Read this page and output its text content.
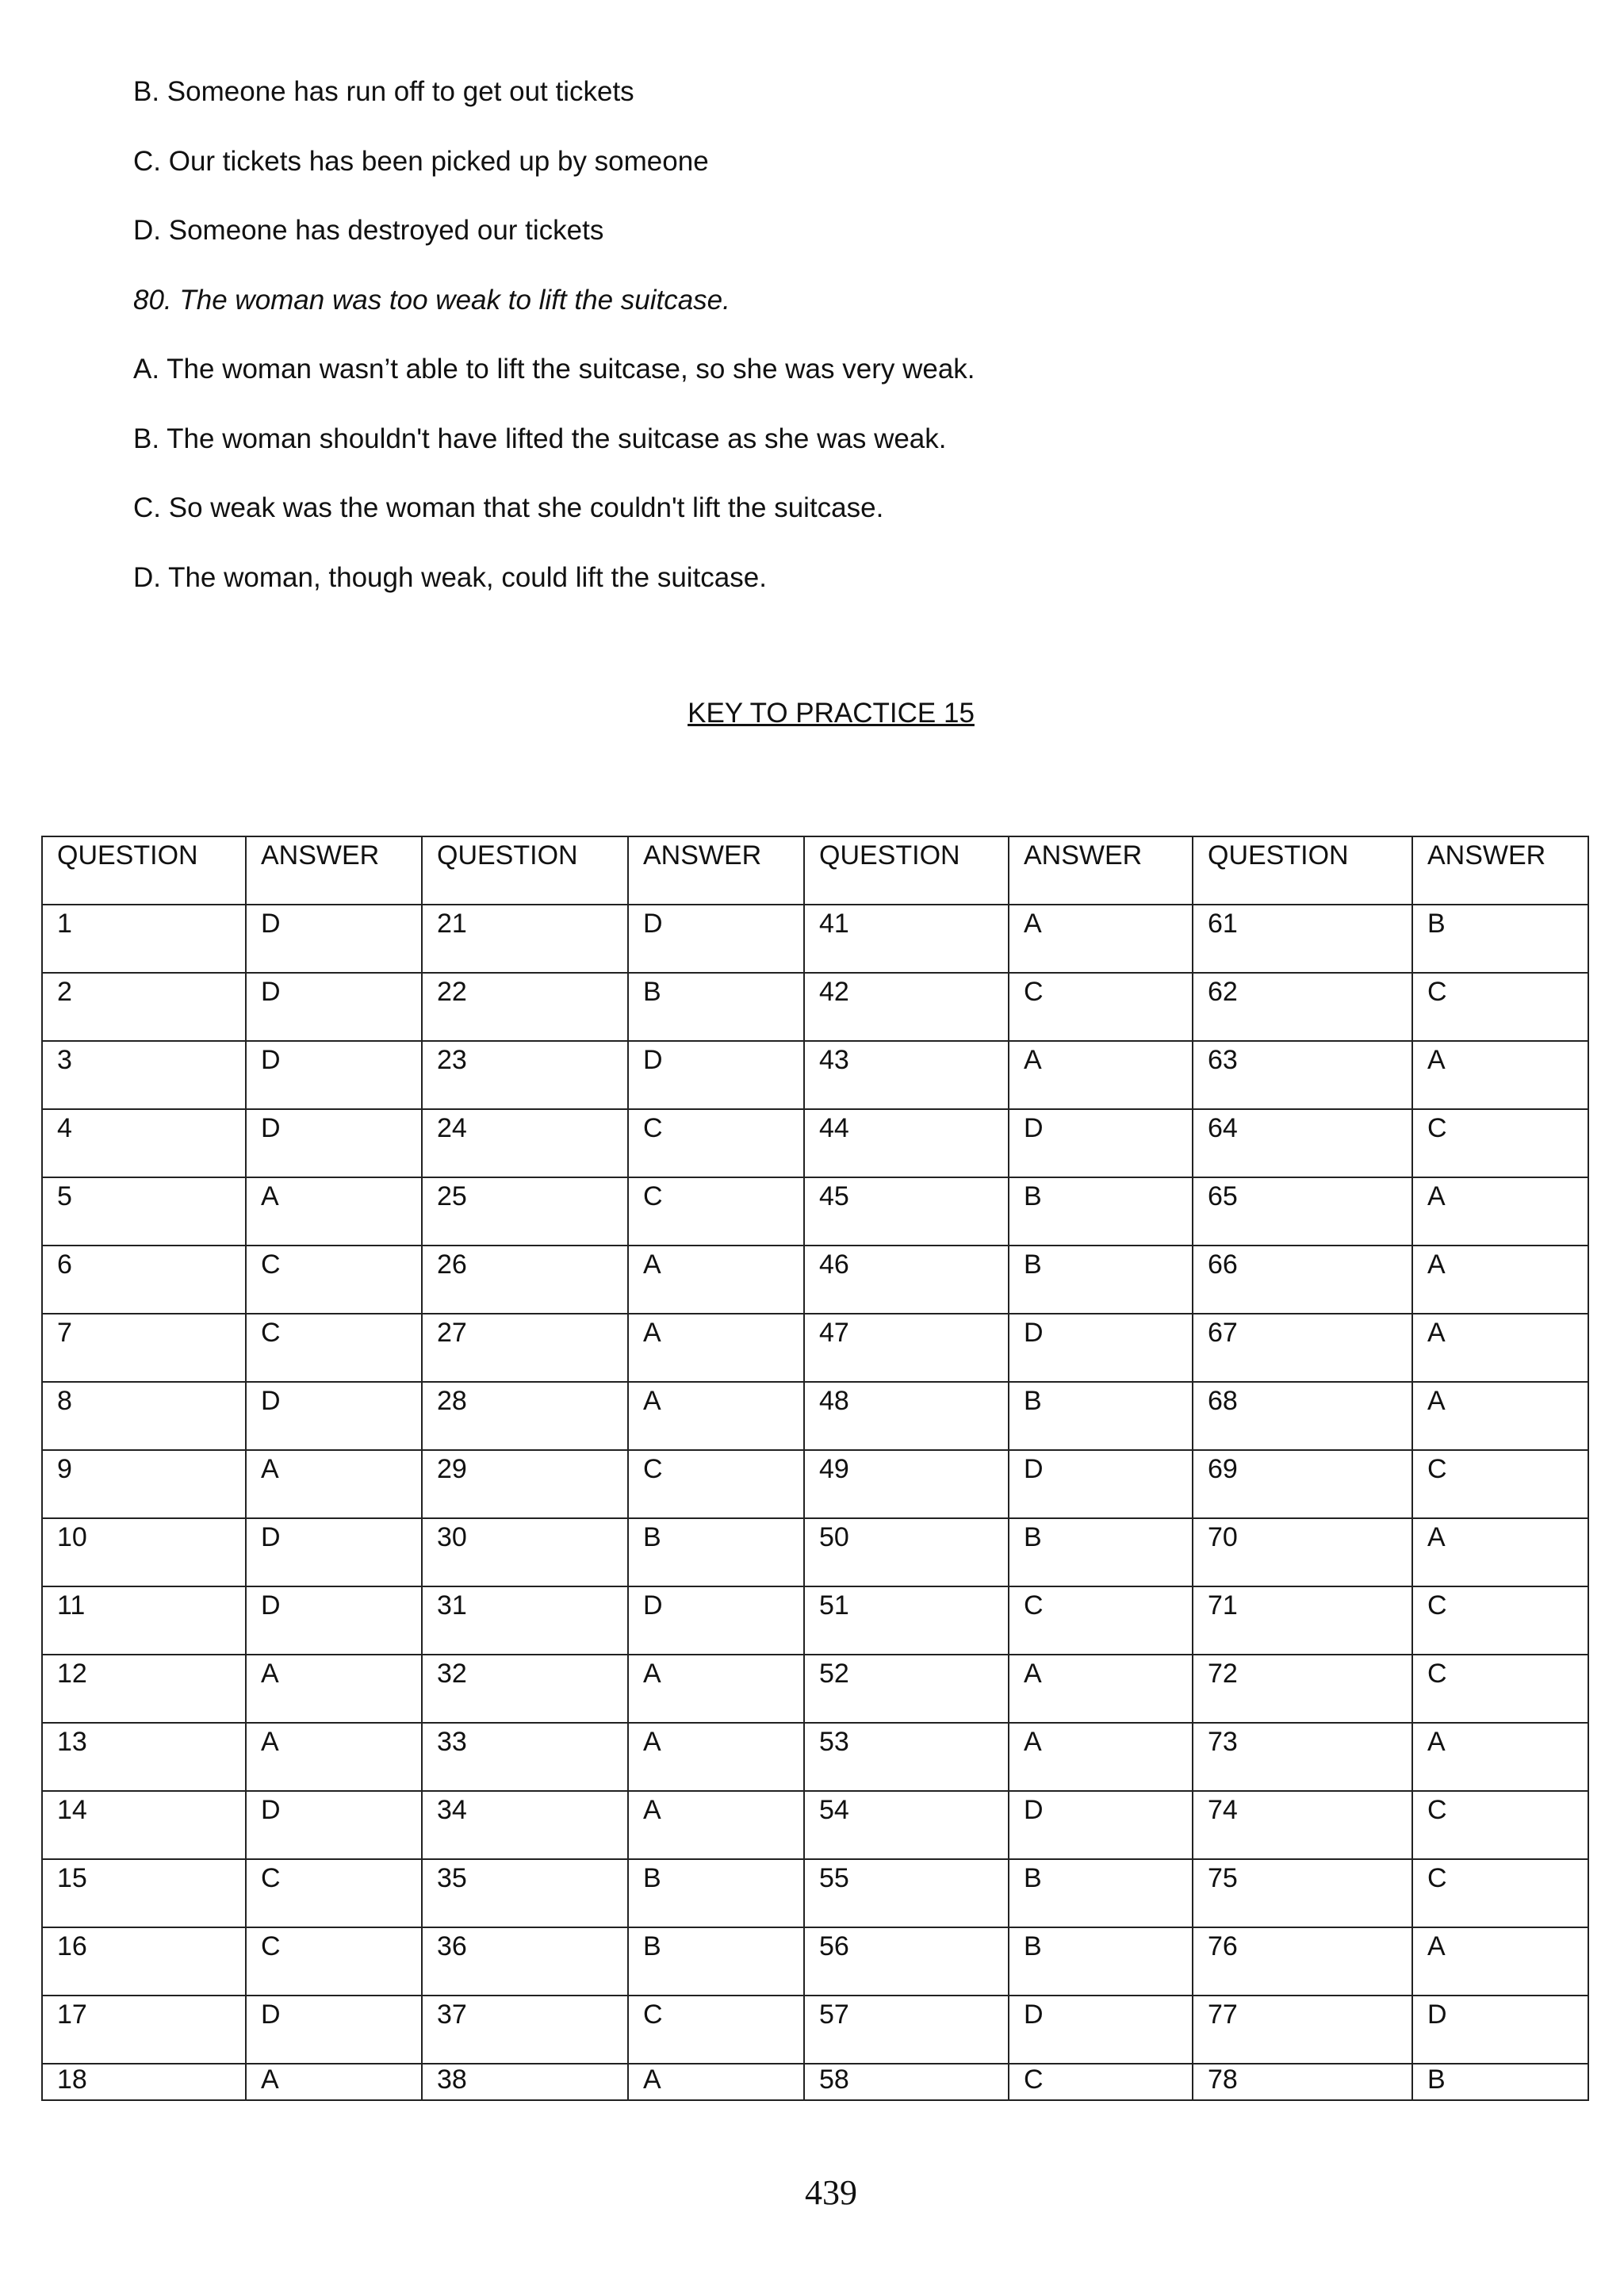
B. Someone has run off to get out tickets
C. Our tickets has been picked up by someone
D. Someone has destroyed our tickets
80. The woman was too weak to lift the suitcase.
A. The woman wasn’t able to lift the suitcase, so she was very weak.
B. The woman shouldn't have lifted the suitcase as she was weak.
C. So weak was the woman that she couldn't lift the suitcase.
D. The woman, though weak, could lift the suitcase.
KEY TO PRACTICE 15
QUESTION	ANSWER	QUESTION	ANSWER	QUESTION	ANSWER	QUESTION	ANSWER
1	D	21	D	41	A	61	B
2	D	22	B	42	C	62	C
3	D	23	D	43	A	63	A
4	D	24	C	44	D	64	C
5	A	25	C	45	B	65	A
6	C	26	A	46	B	66	A
7	C	27	A	47	D	67	A
8	D	28	A	48	B	68	A
9	A	29	C	49	D	69	C
10	D	30	B	50	B	70	A
11	D	31	D	51	C	71	C
12	A	32	A	52	A	72	C
13	A	33	A	53	A	73	A
14	D	34	A	54	D	74	C
15	C	35	B	55	B	75	C
16	C	36	B	56	B	76	A
17	D	37	C	57	D	77	D
18	A	38	A	58	C	78	B
439
